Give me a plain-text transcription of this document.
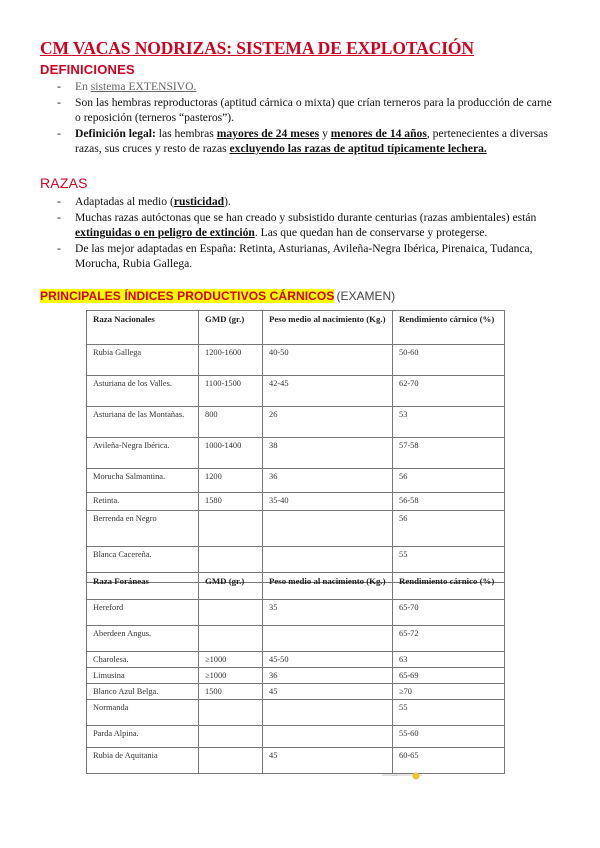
CM VACAS NODRIZAS: SISTEMA DE EXPLOTACIÓN
DEFINICIONES
- En sistema EXTENSIVO.
- Son las hembras reproductoras (aptitud cárnica o mixta) que crían terneros para la producción de carne o reposición (terneros “pasteros”).
- Definición legal: las hembras mayores de 24 meses y menores de 14 años, pertenecientes a diversas razas, sus cruces y resto de razas excluyendo las razas de aptitud típicamente lechera.
RAZAS
- Adaptadas al medio (rusticidad).
- Muchas razas autóctonas que se han creado y subsistido durante centurias (razas ambientales) están extinguidas o en peligro de extinción. Las que quedan han de conservarse y protegerse.
- De las mejor adaptadas en España: Retinta, Asturianas, Avileña-Negra Ibérica, Pirenaica, Tudanca, Morucha, Rubia Gallega.
PRINCIPALES ÍNDICES PRODUCTIVOS CÁRNICOS (EXAMEN)
Raza Nacionales	GMD (gr.)	Peso medio al nacimiento (Kg.)	Rendimiento cárnico (%)
Rubia Gallega	1200-1600	40-50	50-60
Asturiana de los Valles.	1100-1500	42-45	62-70
Asturiana de las Montañas.	800	26	53
Avileña-Negra Ibérica.	1000-1400	38	57-58
Morucha Salmantina.	1200	36	56
Retinta.	1580	35-40	56-58
Berrenda en Negro			56
Blanca Cacereña.			55
Raza Foráneas	GMD (gr.)	Peso medio al nacimiento (Kg.)	Rendimiento cárnico (%)
Hereford		35	65-70
Aberdeen Angus.			65-72
Charolesa.	≥1000	45-50	63
Limusina	≥1000	36	65-69
Blanco Azul Belga.	1500	45	≥70
Normanda			55
Parda Alpina.			55-60
Rubia de Aquitania		45	60-65
···
